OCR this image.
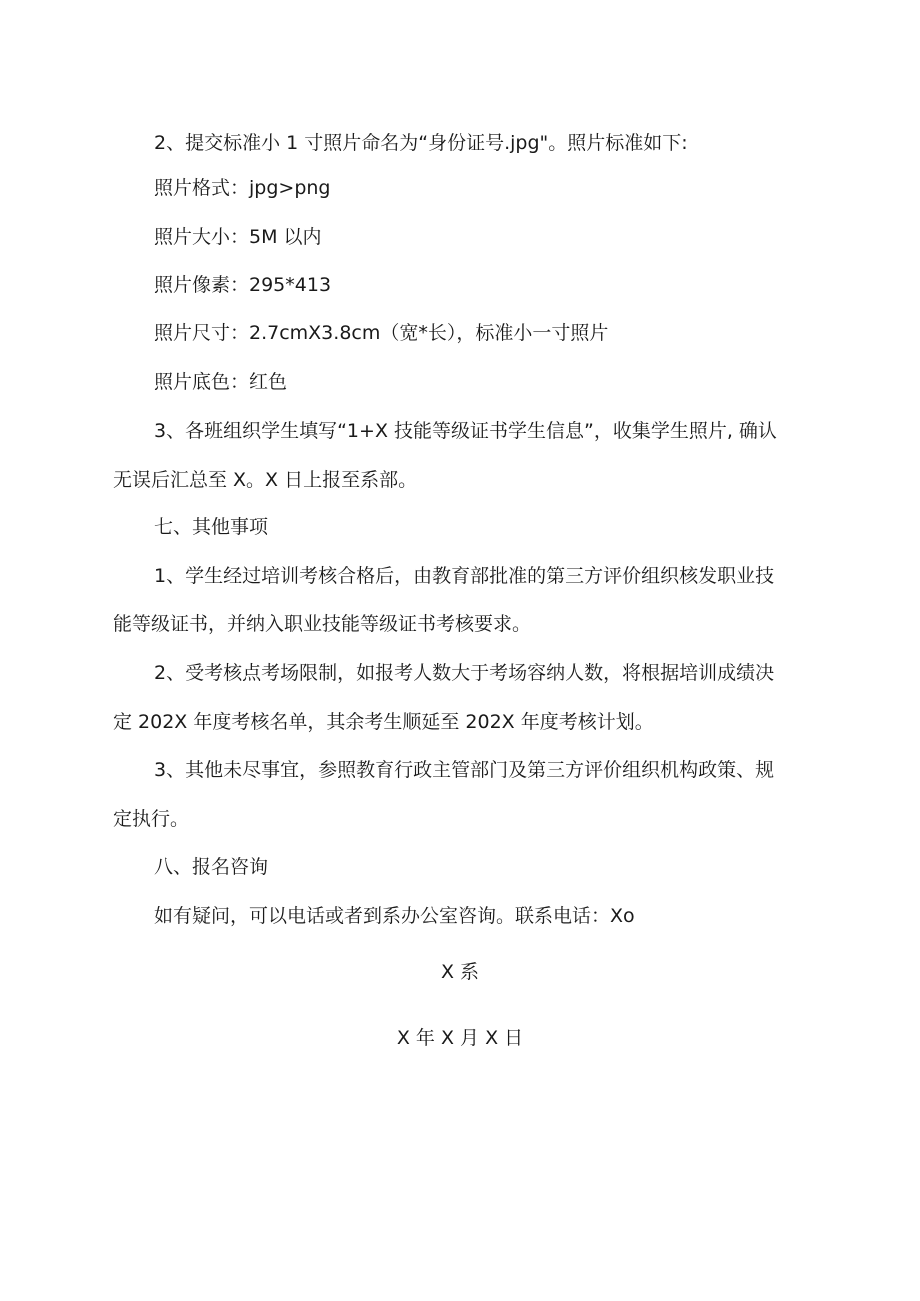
2、提交标准小 1 寸照片命名为“身份证号.jpg"。照片标准如下:
照片格式：jpg>png
照片大小：5M 以内
照片像素：295*413
照片尺寸：2.7cmX3.8cm（宽*长），标准小一寸照片
照片底色：红色
3、各班组织学生填写“1+X 技能等级证书学生信息”，收集学生照片, 确认
无误后汇总至 X。X 日上报至系部。
七、其他事项
1、学生经过培训考核合格后，由教育部批准的第三方评价组织核发职业技
能等级证书，并纳入职业技能等级证书考核要求。
2、受考核点考场限制，如报考人数大于考场容纳人数，将根据培训成绩决
定 202X 年度考核名单，其余考生顺延至 202X 年度考核计划。
3、其他未尽事宜，参照教育行政主管部门及第三方评价组织机构政策、规
定执行。
八、报名咨询
如有疑问，可以电话或者到系办公室咨询。联系电话：Xo
X 系
X 年 X 月 X 日
